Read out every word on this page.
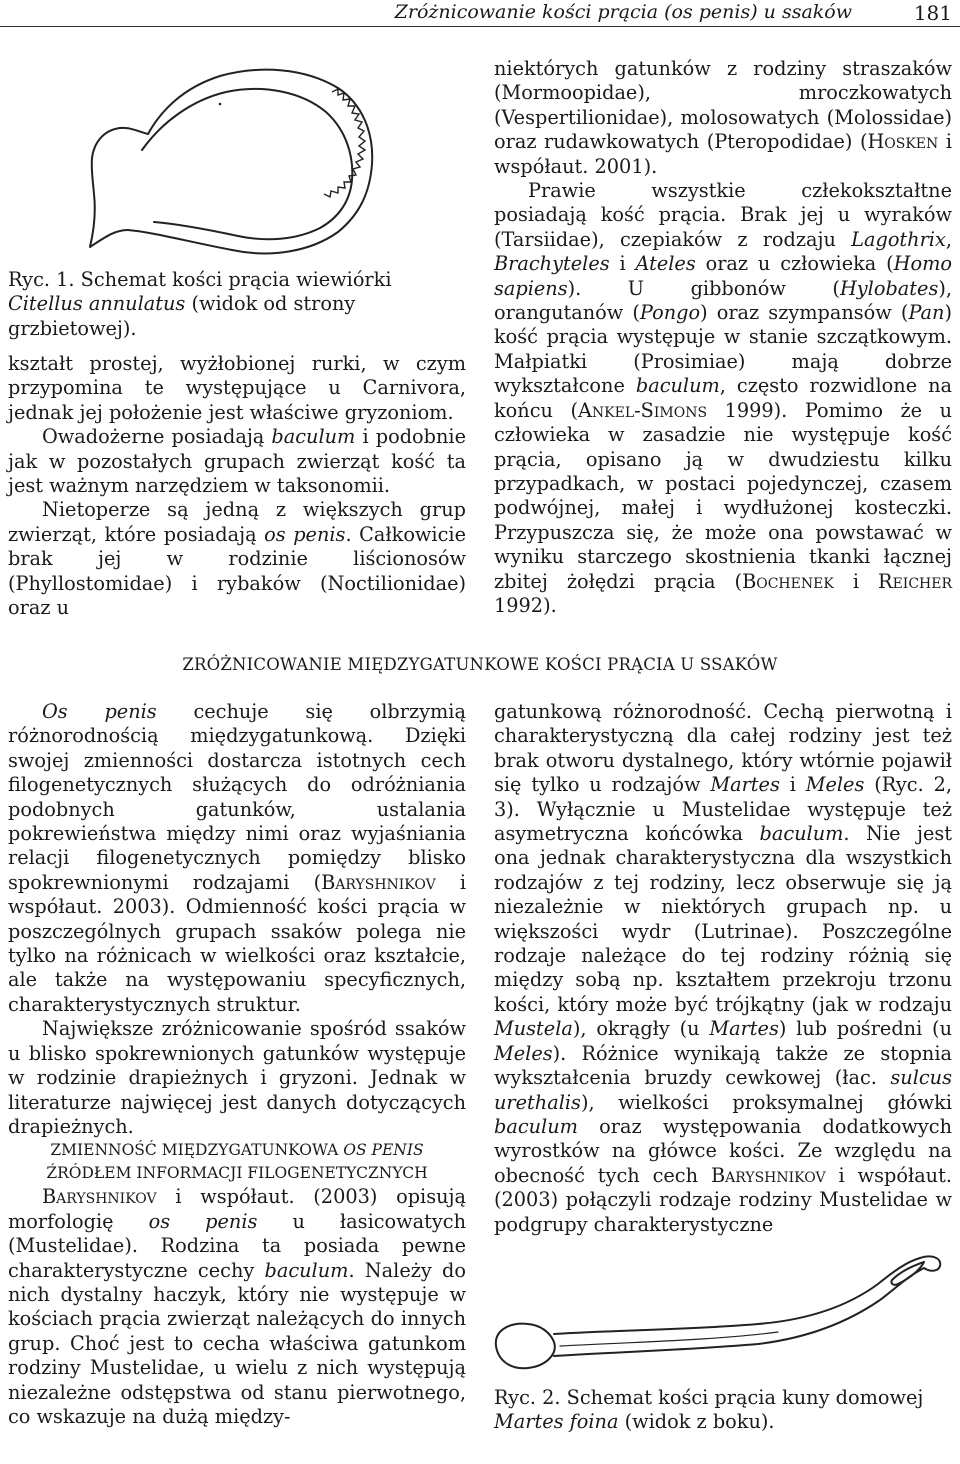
Zróżnicowanie kości prącia (os penis) u ssaków	181
Ryc. 1. Schemat kości prącia wiewiórki Citellus annulatus (widok od strony grzbietowej).

kształt prostej, wyżłobionej rurki, w czym przypomina te występujące u Carnivora, jednak jej położenie jest właściwe gryzoniom.

Owadożerne posiadają baculum i podobnie jak w pozostałych grupach zwierząt kość ta jest ważnym narzędziem w taksonomii.

Nietoperze są jedną z większych grup zwierząt, które posiadają os penis. Całkowicie brak jej w rodzinie liścionosów (Phyllostomidae) i rybaków (Noctilionidae) oraz u

niektórych gatunków z rodziny straszaków (Mormoopidae), mroczkowatych (Vespertilionidae), molosowatych (Molossidae) oraz rudawkowatych (Pteropodidae) (Hosken i współaut. 2001).

Prawie wszystkie człekokształtne posiadają kość prącia. Brak jej u wyraków (Tarsiidae), czepiaków z rodzaju Lagothrix, Brachyteles i Ateles oraz u człowieka (Homo sapiens). U gibbonów (Hylobates), orangutanów (Pongo) oraz szympansów (Pan) kość prącia występuje w stanie szczątkowym. Małpiatki (Prosimiae) mają dobrze wykształcone baculum, często rozwidlone na końcu (Ankel-Simons 1999). Pomimo że u człowieka w zasadzie nie występuje kość prącia, opisano ją w dwudziestu kilku przypadkach, w postaci pojedynczej, czasem podwójnej, małej i wydłużonej kosteczki. Przypuszcza się, że może ona powstawać w wyniku starczego skostnienia tkanki łącznej zbitej żołędzi prącia (Bochenek i Reicher 1992).

ZRÓŻNICOWANIE MIĘDZYGATUNKOWE KOŚCI PRĄCIA U SSAKÓW

Os penis cechuje się olbrzymią różnorodnością międzygatunkową. Dzięki swojej zmienności dostarcza istotnych cech filogenetycznych służących do odróżniania podobnych gatunków, ustalania pokrewieństwa między nimi oraz wyjaśniania relacji filogenetycznych pomiędzy blisko spokrewnionymi rodzajami (Baryshnikov i współaut. 2003). Odmienność kości prącia w poszczególnych grupach ssaków polega nie tylko na różnicach w wielkości oraz kształcie, ale także na występowaniu specyficznych, charakterystycznych struktur.

Największe zróżnicowanie spośród ssaków u blisko spokrewnionych gatunków występuje w rodzinie drapieżnych i gryzoni. Jednak w literaturze najwięcej jest danych dotyczących drapieżnych.

ZMIENNOŚĆ MIĘDZYGATUNKOWA OS PENIS
ŹRÓDŁEM INFORMACJI FILOGENETYCZNYCH

Baryshnikov i współaut. (2003) opisują morfologię os penis u łasicowatych (Mustelidae). Rodzina ta posiada pewne charakterystyczne cechy baculum. Należy do nich dystalny haczyk, który nie występuje w kościach prącia zwierząt należących do innych grup. Choć jest to cecha właściwa gatunkom rodziny Mustelidae, u wielu z nich występują niezależne odstępstwa od stanu pierwotnego, co wskazuje na dużą między-

gatunkową różnorodność. Cechą pierwotną i charakterystyczną dla całej rodziny jest też brak otworu dystalnego, który wtórnie pojawił się tylko u rodzajów Martes i Meles (Ryc. 2, 3). Wyłącznie u Mustelidae występuje też asymetryczna końcówka baculum. Nie jest ona jednak charakterystyczna dla wszystkich rodzajów z tej rodziny, lecz obserwuje się ją niezależnie w niektórych grupach np. u większości wydr (Lutrinae). Poszczególne rodzaje należące do tej rodziny różnią się między sobą np. kształtem przekroju trzonu kości, który może być trójkątny (jak w rodzaju Mustela), okrągły (u Martes) lub pośredni (u Meles). Różnice wynikają także ze stopnia wykształcenia bruzdy cewkowej (łac. sulcus urethalis), wielkości proksymalnej główki baculum oraz występowania dodatkowych wyrostków na główce kości. Ze względu na obecność tych cech Baryshnikov i współaut. (2003) połączyli rodzaje rodziny Mustelidae w podgrupy charakterystyczne

Ryc. 2. Schemat kości prącia kuny domowej Martes foina (widok z boku).
